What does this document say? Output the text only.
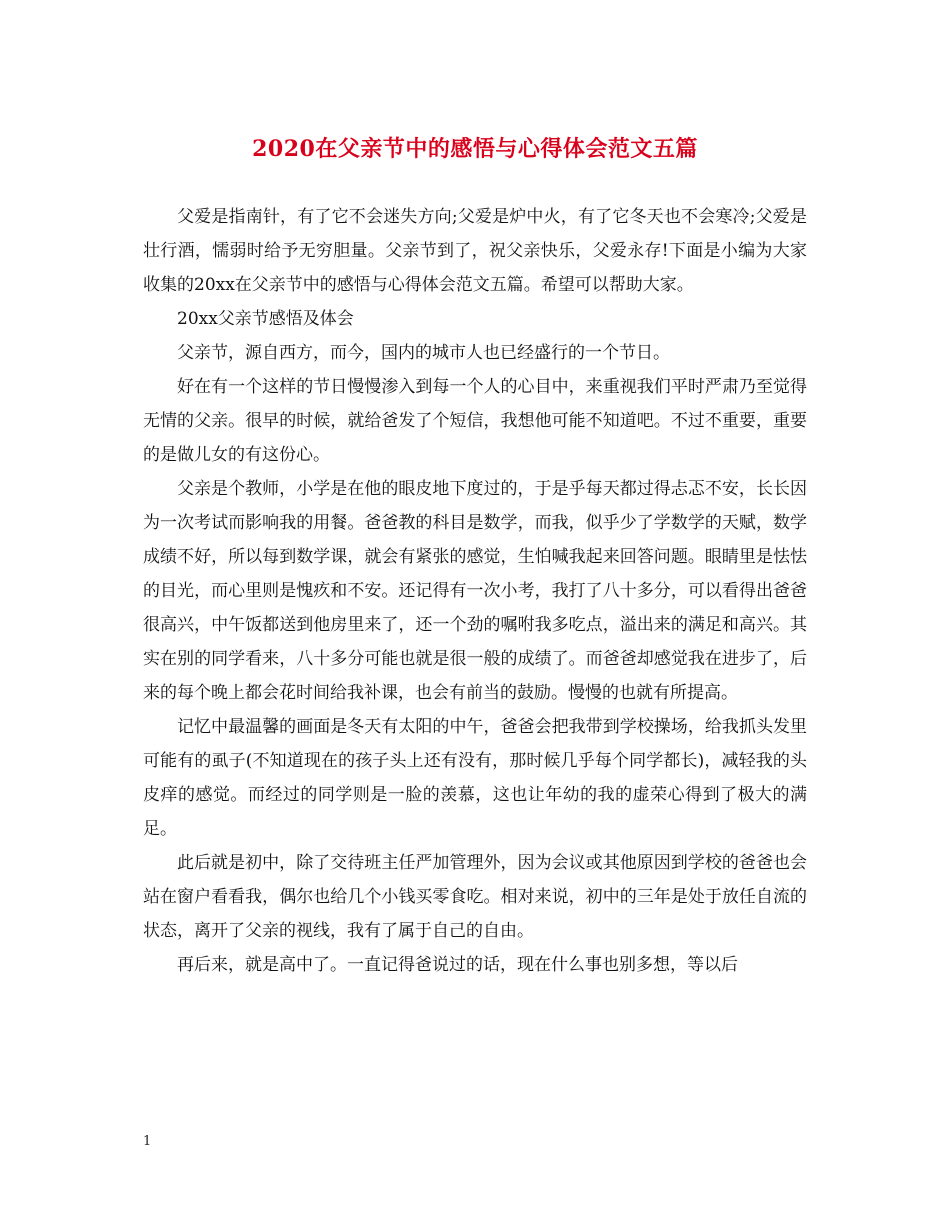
2020在父亲节中的感悟与心得体会范文五篇

父爱是指南针，有了它不会迷失方向;父爱是炉中火，有了它冬天也不会寒冷;父爱是壮行酒，懦弱时给予无穷胆量。父亲节到了，祝父亲快乐，父爱永存!下面是小编为大家收集的20xx在父亲节中的感悟与心得体会范文五篇。希望可以帮助大家。

20xx父亲节感悟及体会

父亲节，源自西方，而今，国内的城市人也已经盛行的一个节日。

好在有一个这样的节日慢慢渗入到每一个人的心目中，来重视我们平时严肃乃至觉得无情的父亲。很早的时候，就给爸发了个短信，我想他可能不知道吧。不过不重要，重要的是做儿女的有这份心。

父亲是个教师，小学是在他的眼皮地下度过的，于是乎每天都过得忐忑不安，长长因为一次考试而影响我的用餐。爸爸教的科目是数学，而我，似乎少了学数学的天赋，数学成绩不好，所以每到数学课，就会有紧张的感觉，生怕喊我起来回答问题。眼睛里是怯怯的目光，而心里则是愧疚和不安。还记得有一次小考，我打了八十多分，可以看得出爸爸很高兴，中午饭都送到他房里来了，还一个劲的嘱咐我多吃点，溢出来的满足和高兴。其实在别的同学看来，八十多分可能也就是很一般的成绩了。而爸爸却感觉我在进步了，后来的每个晚上都会花时间给我补课，也会有前当的鼓励。慢慢的也就有所提高。

记忆中最温馨的画面是冬天有太阳的中午，爸爸会把我带到学校操场，给我抓头发里可能有的虱子(不知道现在的孩子头上还有没有，那时候几乎每个同学都长)，减轻我的头皮痒的感觉。而经过的同学则是一脸的羡慕，这也让年幼的我的虚荣心得到了极大的满足。

此后就是初中，除了交待班主任严加管理外，因为会议或其他原因到学校的爸爸也会站在窗户看看我，偶尔也给几个小钱买零食吃。相对来说，初中的三年是处于放任自流的状态，离开了父亲的视线，我有了属于自己的自由。

再后来，就是高中了。一直记得爸说过的话，现在什么事也别多想，等以后

1
